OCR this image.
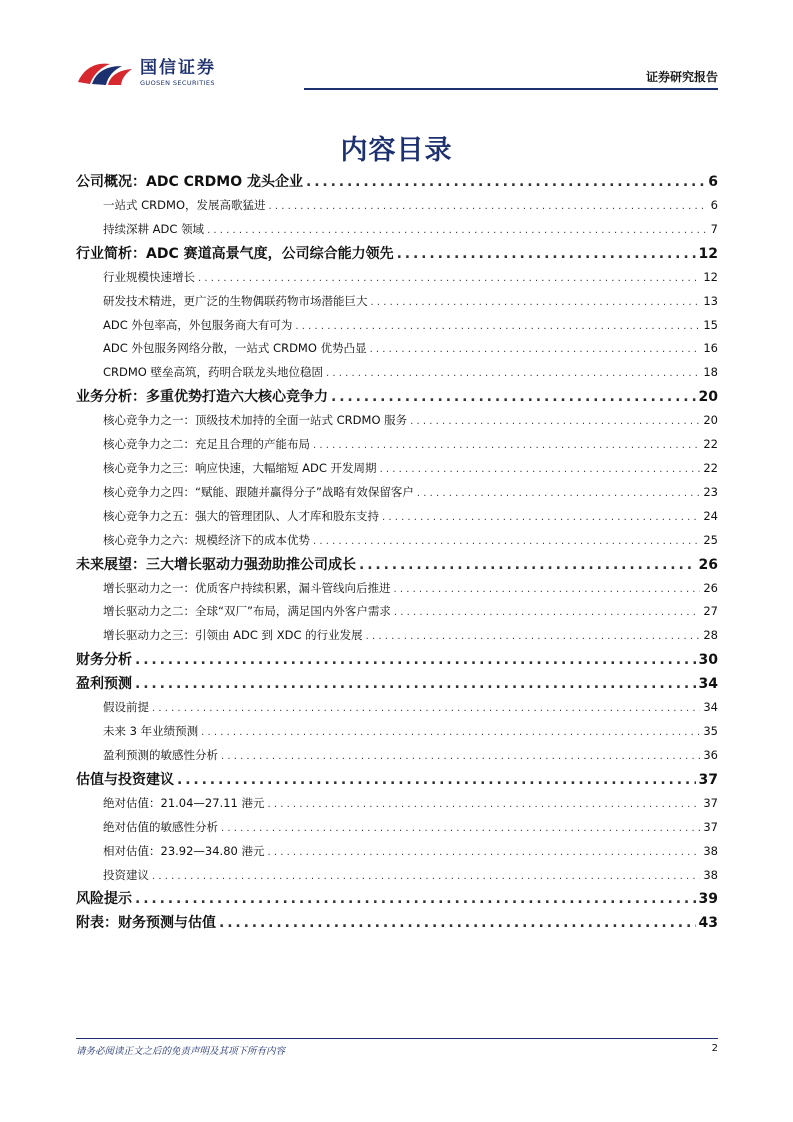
国信证券
GUOSEN SECURITIES	证券研究报告
内容目录
公司概况：ADC CRDMO 龙头企业 . . .	6
一站式 CRDMO，发展高歌猛进 . . .	6
持续深耕 ADC 领域 . . .	7
行业简析：ADC 赛道高景气度，公司综合能力领先 . . .	12
行业规模快速增长 . . .	12
研发技术精进，更广泛的生物偶联药物市场潜能巨大 . . .	13
ADC 外包率高，外包服务商大有可为 . . .	15
ADC 外包服务网络分散，一站式 CRDMO 优势凸显 . . .	16
CRDMO 壁垒高筑，药明合联龙头地位稳固 . . .	18
业务分析：多重优势打造六大核心竞争力 . . .	20
核心竞争力之一：顶级技术加持的全面一站式 CRDMO 服务 . . .	20
核心竞争力之二：充足且合理的产能布局 . . .	22
核心竞争力之三：响应快速，大幅缩短 ADC 开发周期 . . .	22
核心竞争力之四：“赋能、跟随并赢得分子”战略有效保留客户 . . .	23
核心竞争力之五：强大的管理团队、人才库和股东支持 . . .	24
核心竞争力之六：规模经济下的成本优势 . . .	25
未来展望：三大增长驱动力强劲助推公司成长 . . .	26
增长驱动力之一：优质客户持续积累，漏斗管线向后推进 . . .	26
增长驱动力之二：全球“双厂”布局，满足国内外客户需求 . . .	27
增长驱动力之三：引领由 ADC 到 XDC 的行业发展 . . .	28
财务分析 . . .	30
盈利预测 . . .	34
假设前提 . . .	34
未来 3 年业绩预测 . . .	35
盈利预测的敏感性分析 . . .	36
估值与投资建议 . . .	37
绝对估值：21.04—27.11 港元 . . .	37
绝对估值的敏感性分析 . . .	37
相对估值：23.92—34.80 港元 . . .	38
投资建议 . . .	38
风险提示 . . .	39
附表：财务预测与估值 . . .	43
请务必阅读正文之后的免责声明及其项下所有内容	2
